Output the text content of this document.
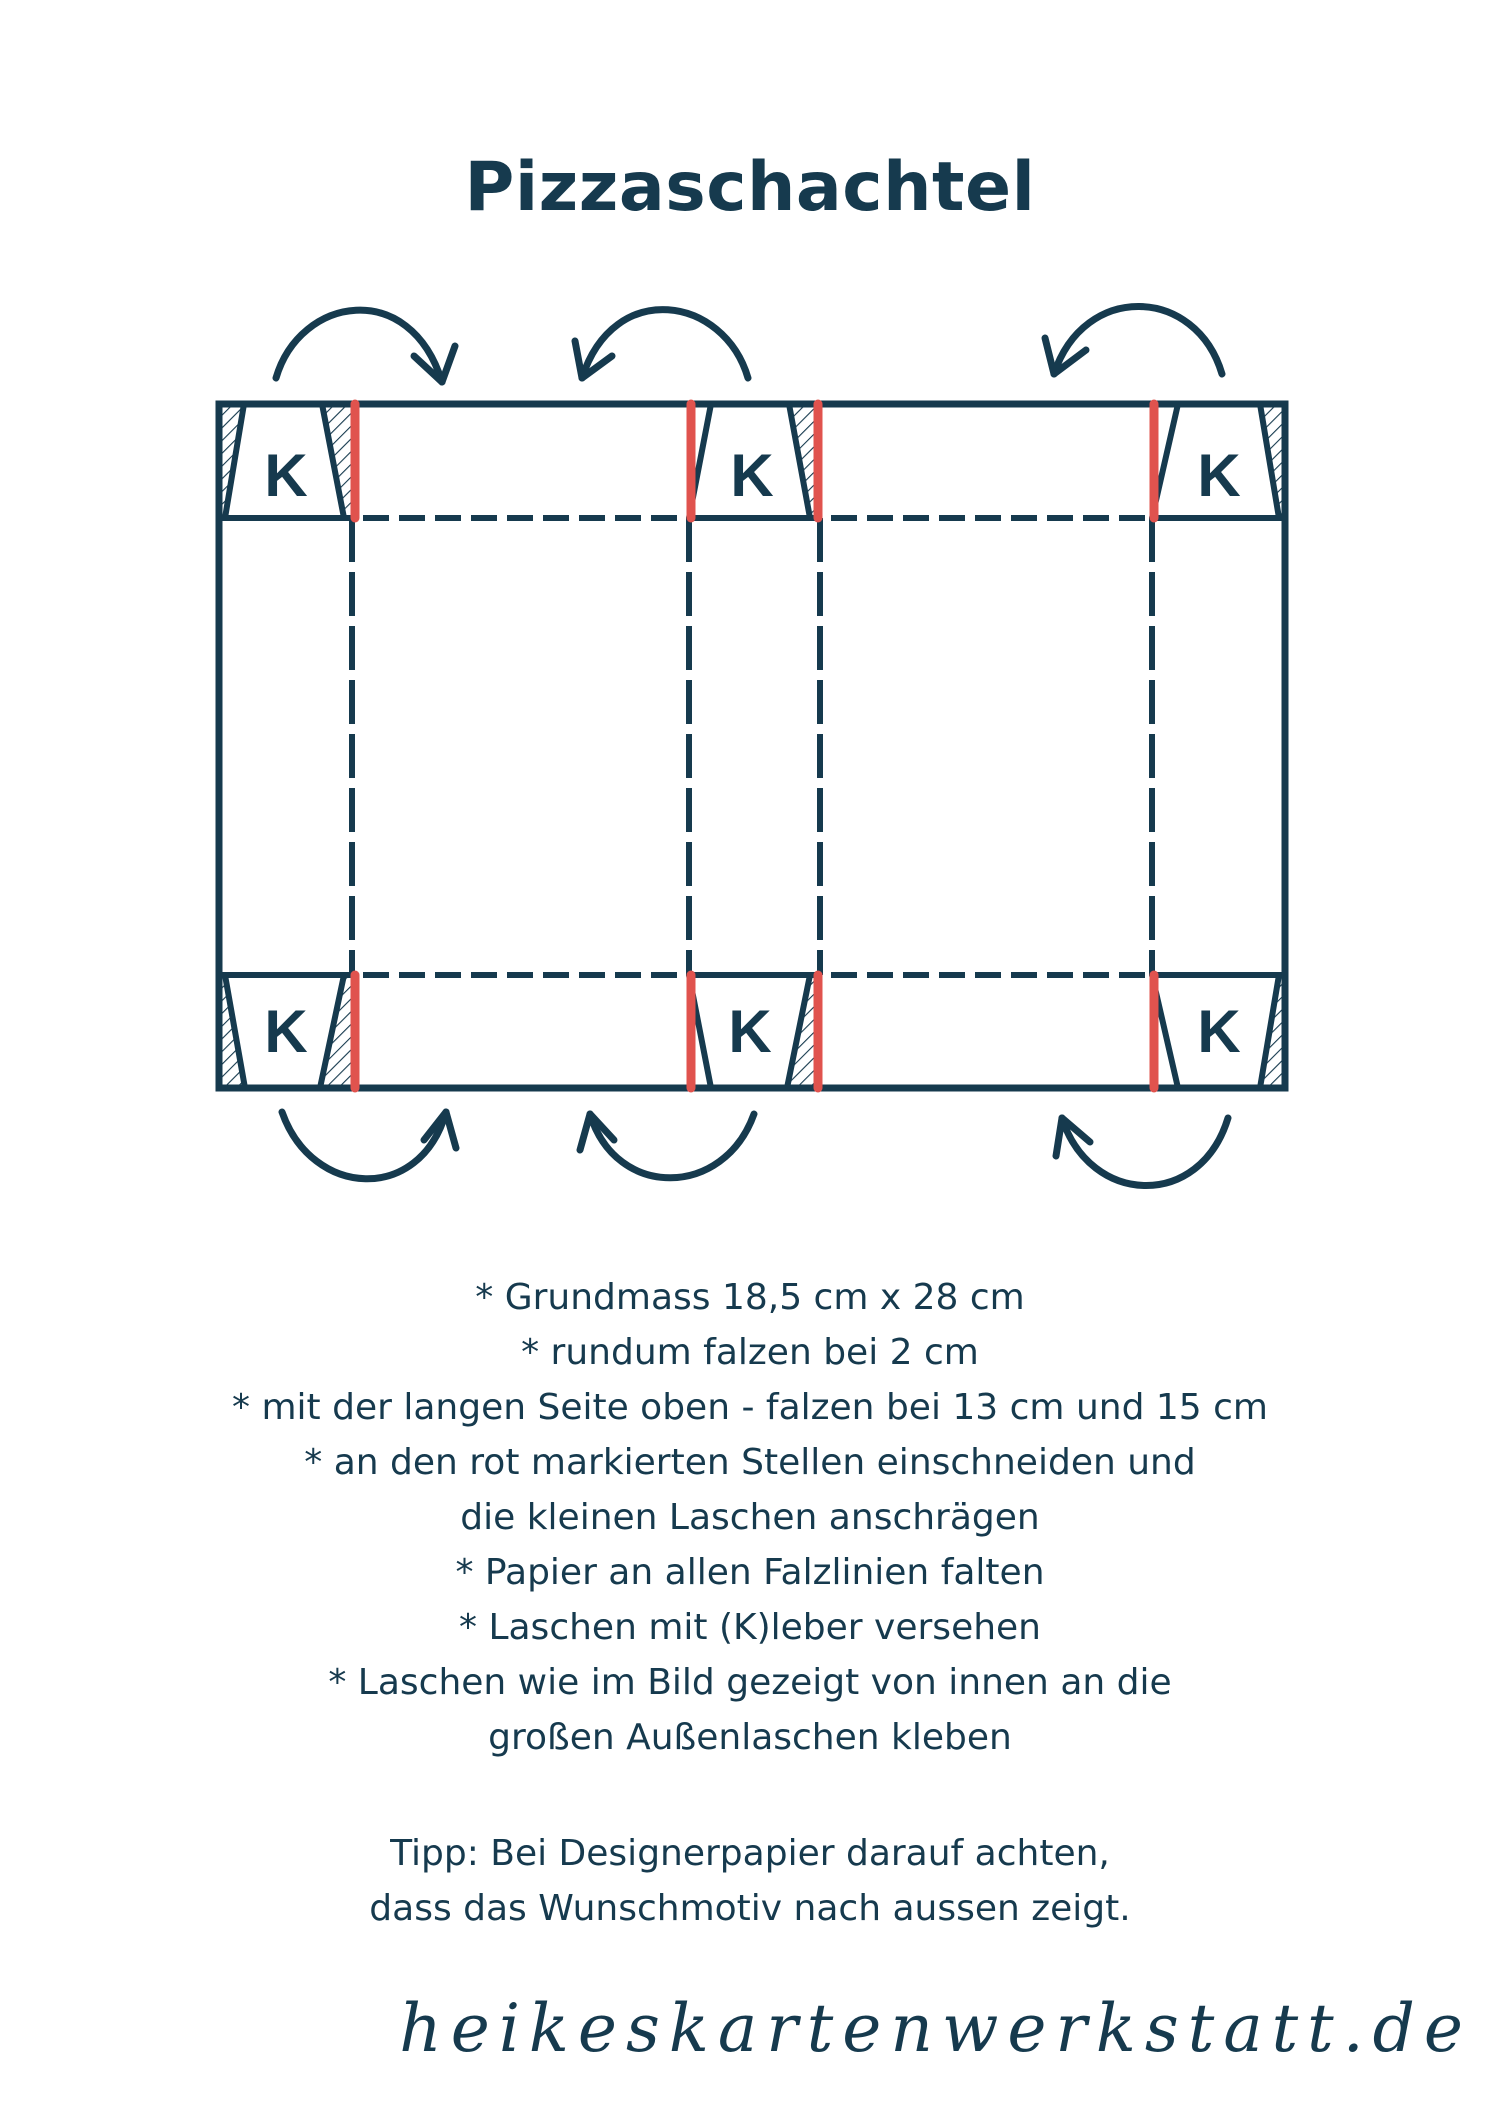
Pizzaschachtel
K	K	K
K	K	K
* Grundmass 18,5 cm x 28 cm
* rundum falzen bei 2 cm
* mit der langen Seite oben - falzen bei 13 cm und 15 cm
* an den rot markierten Stellen einschneiden und
die kleinen Laschen anschrägen
* Papier an allen Falzlinien falten
* Laschen mit (K)leber versehen
* Laschen wie im Bild gezeigt von innen an die
großen Außenlaschen kleben
Tipp: Bei Designerpapier darauf achten,
dass das Wunschmotiv nach aussen zeigt.
heikeskartenwerkstatt.de
